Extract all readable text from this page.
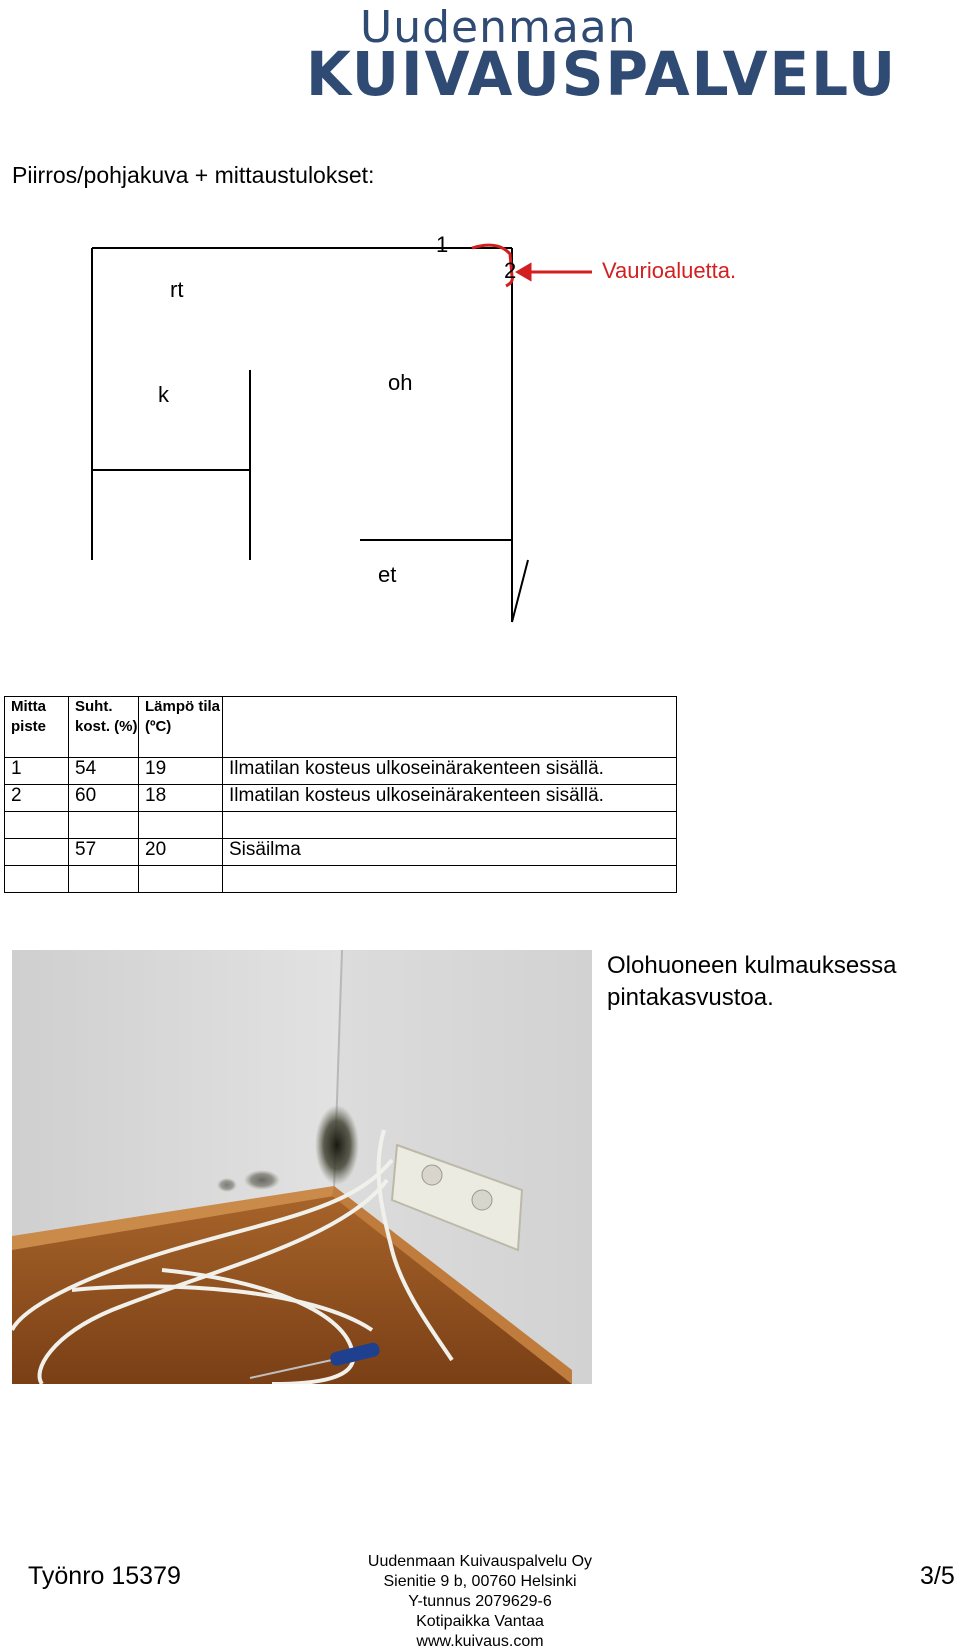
Uudenmaan
KUIVAUSPALVELU
Piirros/pohjakuva + mittaustulokset:
1
2	Vaurioaluetta.
rt
k	oh
et
Mitta piste	Suht. kost. (%)	Lämpö tila (ºC)	
1	54	19	Ilmatilan kosteus ulkoseinärakenteen sisällä.
2	60	18	Ilmatilan kosteus ulkoseinärakenteen sisällä.

	57	20	Sisäilma

Olohuoneen kulmauksessa pintakasvustoa.
Työnro 15379
Uudenmaan Kuivauspalvelu Oy
Sienitie 9 b, 00760 Helsinki
Y-tunnus 2079629-6
Kotipaikka Vantaa
www.kuivaus.com
3/5
